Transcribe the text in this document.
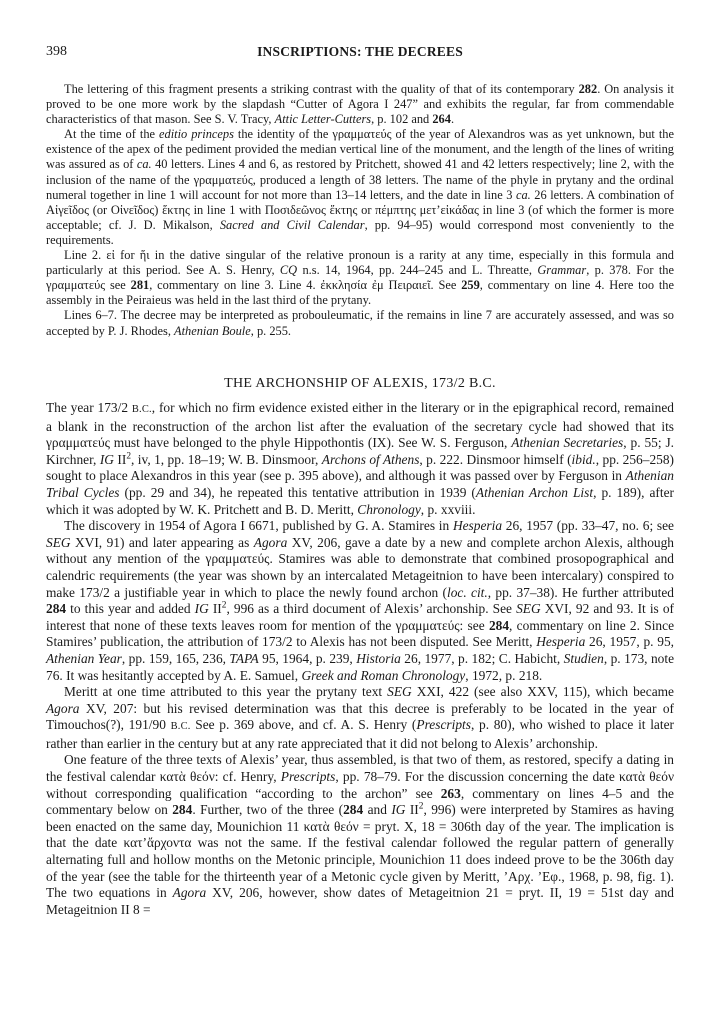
398	INSCRIPTIONS: THE DECREES

The lettering of this fragment presents a striking contrast with the quality of that of its contemporary 282. On analysis it proved to be one more work by the slapdash “Cutter of Agora I 247” and exhibits the regular, far from commendable characteristics of that mason. See S. V. Tracy, Attic Letter-Cutters, p. 102 and 264.

At the time of the editio princeps the identity of the γραμματεύς of the year of Alexandros was as yet unknown, but the existence of the apex of the pediment provided the median vertical line of the monument, and the length of the lines of writing was assured as of ca. 40 letters. Lines 4 and 6, as restored by Pritchett, showed 41 and 42 letters respectively; line 2, with the inclusion of the name of the γραμματεύς, produced a length of 38 letters. The name of the phyle in prytany and the ordinal numeral together in line 1 will account for not more than 13–14 letters, and the date in line 3 ca. 26 letters. A combination of Αἰγεῖδος (or Οἰνεῖδος) ἕκτης in line 1 with Ποσιδεῶνος ἕκτης or πέμπτης μετ’εἰκάδας in line 3 (of which the former is more acceptable; cf. J. D. Mikalson, Sacred and Civil Calendar, pp. 94–95) would correspond most conveniently to the requirements.

Line 2. εἰ for ἥι in the dative singular of the relative pronoun is a rarity at any time, especially in this formula and particularly at this period. See A. S. Henry, CQ n.s. 14, 1964, pp. 244–245 and L. Threatte, Grammar, p. 378. For the γραμματεύς see 281, commentary on line 3. Line 4. ἐκκλησία ἐμ Πειραιεῖ. See 259, commentary on line 4. Here too the assembly in the Peiraieus was held in the last third of the prytany.

Lines 6–7. The decree may be interpreted as probouleumatic, if the remains in line 7 are accurately assessed, and was so accepted by P. J. Rhodes, Athenian Boule, p. 255.

THE ARCHONSHIP OF ALEXIS, 173/2 B.C.

The year 173/2 B.C., for which no firm evidence existed either in the literary or in the epigraphical record, remained a blank in the reconstruction of the archon list after the evaluation of the secretary cycle had showed that its γραμματεύς must have belonged to the phyle Hippothontis (IX). See W. S. Ferguson, Athenian Secretaries, p. 55; J. Kirchner, IG $II^2$, iv, 1, pp. 18–19; W. B. Dinsmoor, Archons of Athens, p. 222. Dinsmoor himself (ibid., pp. 256–258) sought to place Alexandros in this year (see p. 395 above), and although it was passed over by Ferguson in Athenian Tribal Cycles (pp. 29 and 34), he repeated this tentative attribution in 1939 (Athenian Archon List, p. 189), after which it was adopted by W. K. Pritchett and B. D. Meritt, Chronology, p. xxviii.

The discovery in 1954 of Agora I 6671, published by G. A. Stamires in Hesperia 26, 1957 (pp. 33–47, no. 6; see SEG XVI, 91) and later appearing as Agora XV, 206, gave a date by a new and complete archon Alexis, although without any mention of the γραμματεύς. Stamires was able to demonstrate that combined prosopographical and calendric requirements (the year was shown by an intercalated Metageitnion to have been intercalary) conspired to make 173/2 a justifiable year in which to place the newly found archon (loc. cit., pp. 37–38). He further attributed 284 to this year and added IG $II^2$, 996 as a third document of Alexis’ archonship. See SEG XVI, 92 and 93. It is of interest that none of these texts leaves room for mention of the γραμματεύς: see 284, commentary on line 2. Since Stamires’ publication, the attribution of 173/2 to Alexis has not been disputed. See Meritt, Hesperia 26, 1957, p. 95, Athenian Year, pp. 159, 165, 236, TAPA 95, 1964, p. 239, Historia 26, 1977, p. 182; C. Habicht, Studien, p. 173, note 76. It was hesitantly accepted by A. E. Samuel, Greek and Roman Chronology, 1972, p. 218.

Meritt at one time attributed to this year the prytany text SEG XXI, 422 (see also XXV, 115), which became Agora XV, 207: but his revised determination was that this decree is preferably to be located in the year of Timouchos(?), 191/90 B.C. See p. 369 above, and cf. A. S. Henry (Prescripts, p. 80), who wished to place it later rather than earlier in the century but at any rate appreciated that it did not belong to Alexis’ archonship.

One feature of the three texts of Alexis’ year, thus assembled, is that two of them, as restored, specify a dating in the festival calendar κατὰ θεόν: cf. Henry, Prescripts, pp. 78–79. For the discussion concerning the date κατὰ θεόν without corresponding qualification “according to the archon” see 263, commentary on lines 4–5 and the commentary below on 284. Further, two of the three (284 and IG $II^2$, 996) were interpreted by Stamires as having been enacted on the same day, Mounichion 11 κατὰ θεόν = pryt. X, 18 = 306th day of the year. The implication is that the date κατ’ἄρχοντα was not the same. If the festival calendar followed the regular pattern of generally alternating full and hollow months on the Metonic principle, Mounichion 11 does indeed prove to be the 306th day of the year (see the table for the thirteenth year of a Metonic cycle given by Meritt, ’Αρχ. ’Εφ., 1968, p. 98, fig. 1). The two equations in Agora XV, 206, however, show dates of Metageitnion 21 = pryt. II, 19 = 51st day and Metageitnion II 8 =
